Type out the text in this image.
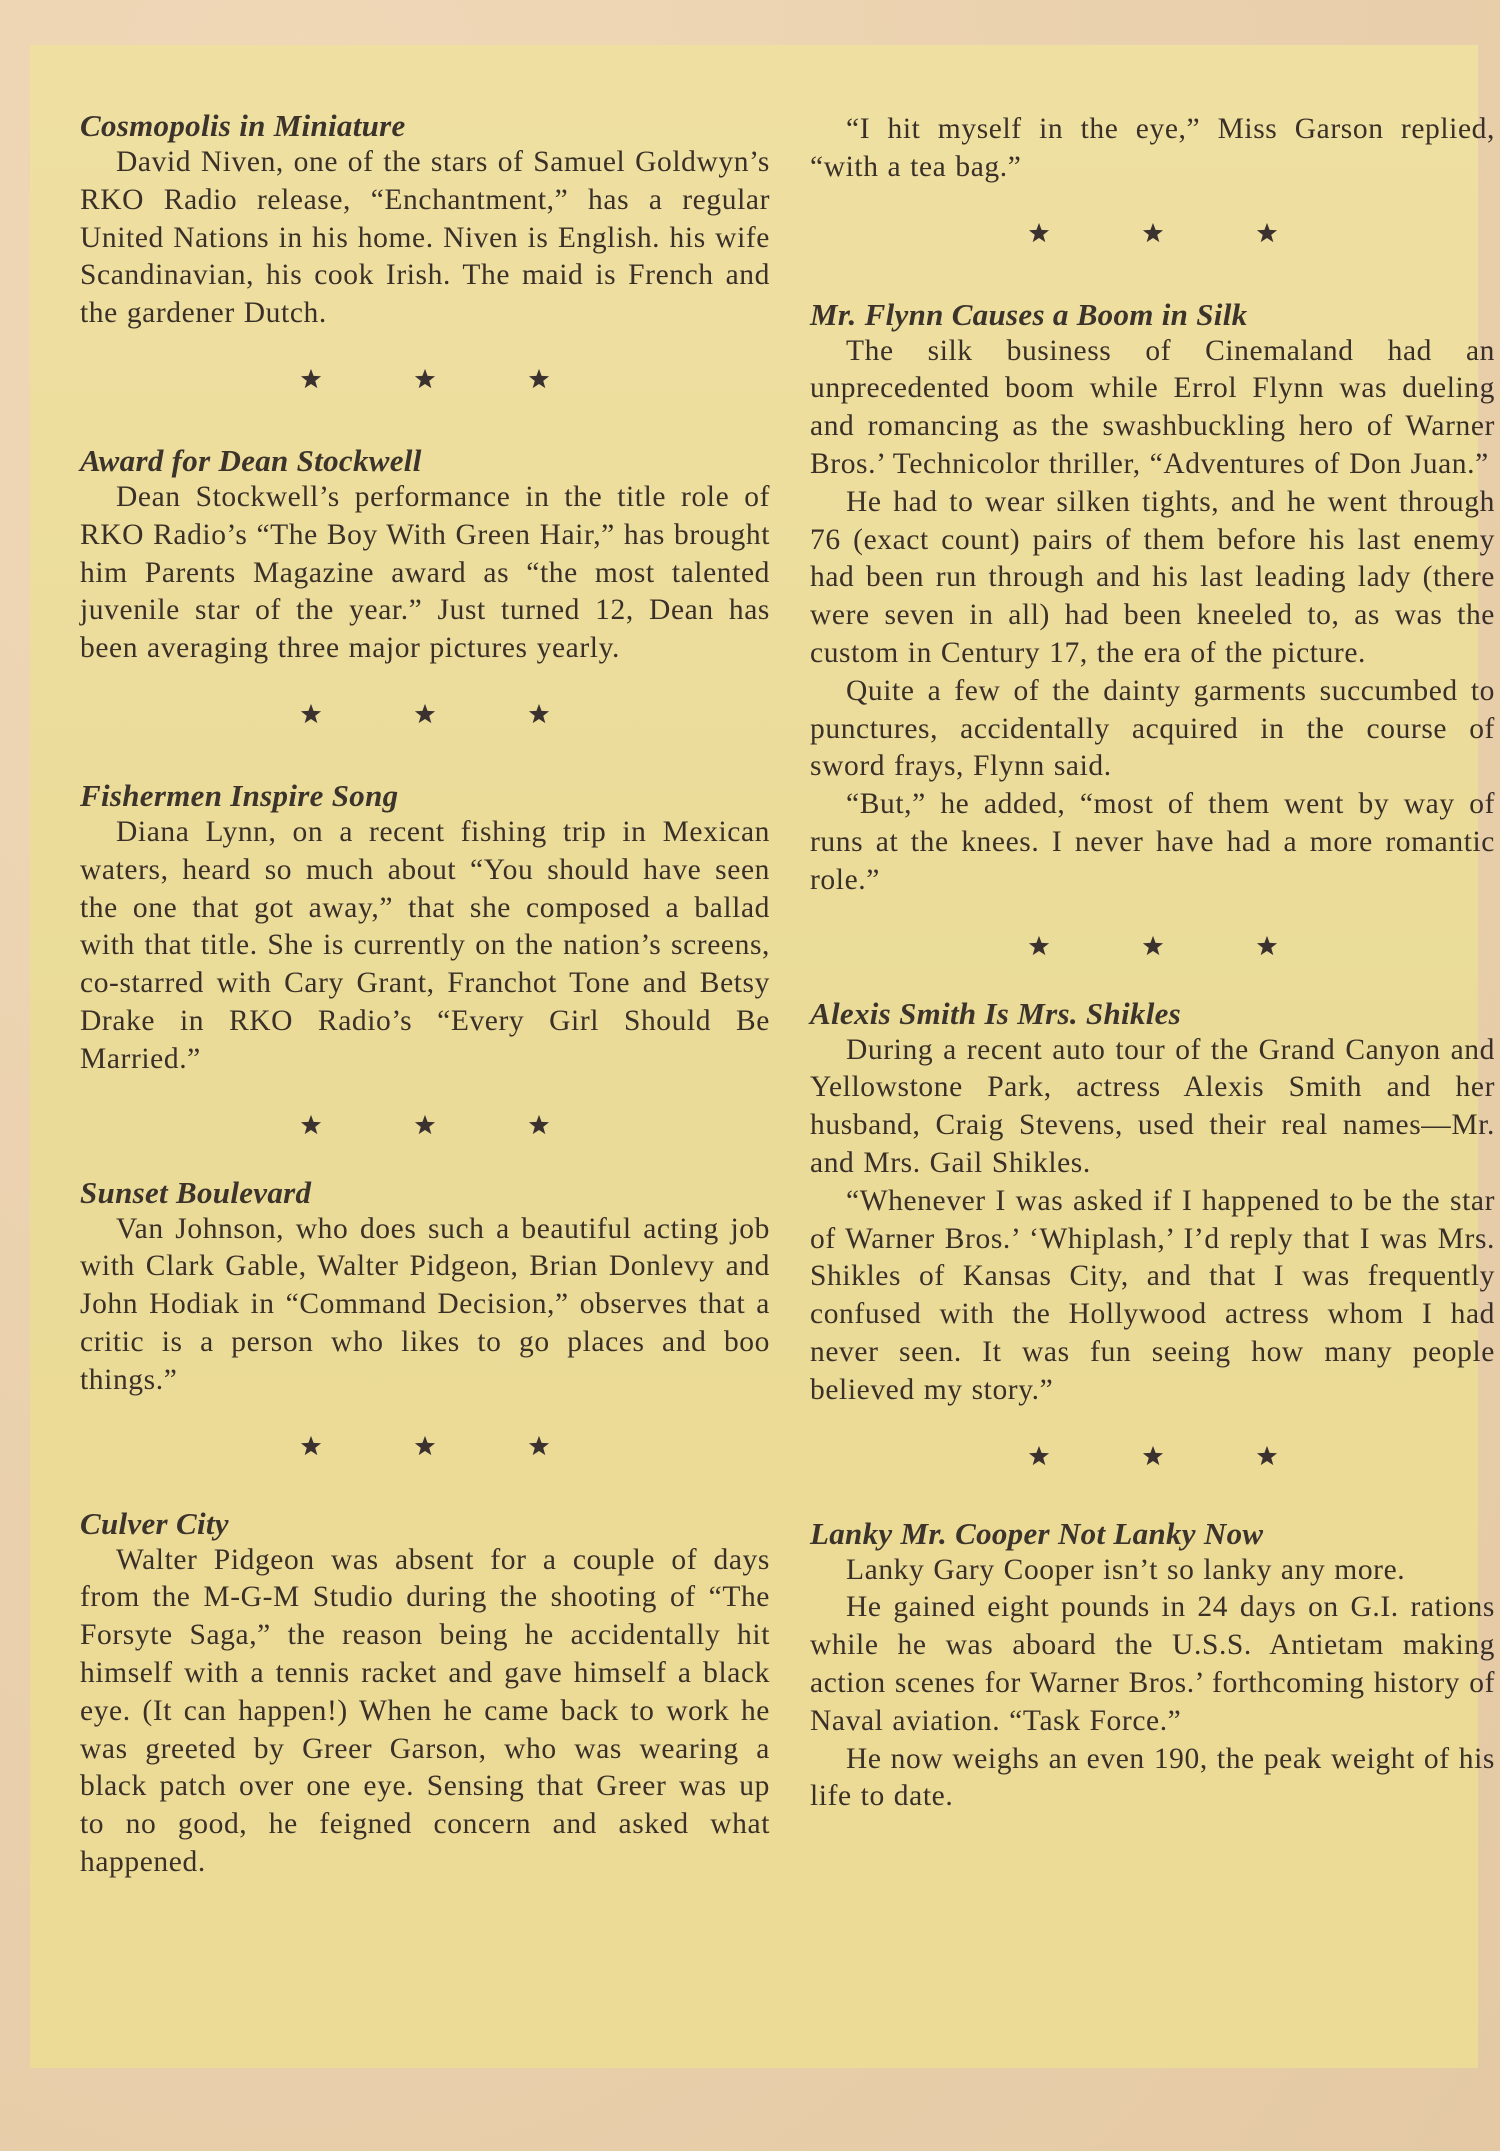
Cosmopolis in Miniature

David Niven, one of the stars of Samuel Goldwyn’s RKO Radio release, “Enchantment,” has a regular United Nations in his home. Niven is English. his wife Scandinavian, his cook Irish. The maid is French and the gardener Dutch.

Award for Dean Stockwell

Dean Stockwell’s performance in the title role of RKO Radio’s “The Boy With Green Hair,” has brought him Parents Magazine award as “the most talented juvenile star of the year.” Just turned 12, Dean has been averaging three major pictures yearly.

Fishermen Inspire Song

Diana Lynn, on a recent fishing trip in Mexican waters, heard so much about “You should have seen the one that got away,” that she composed a ballad with that title. She is currently on the nation’s screens, co-starred with Cary Grant, Franchot Tone and Betsy Drake in RKO Radio’s “Every Girl Should Be Married.”

Sunset Boulevard

Van Johnson, who does such a beautiful acting job with Clark Gable, Walter Pidgeon, Brian Donlevy and John Hodiak in “Command Decision,” observes that a critic is a person who likes to go places and boo things.”

Culver City

Walter Pidgeon was absent for a couple of days from the M-G-M Studio during the shooting of “The Forsyte Saga,” the reason being he accidentally hit himself with a tennis racket and gave himself a black eye. (It can happen!) When he came back to work he was greeted by Greer Garson, who was wearing a black patch over one eye. Sensing that Greer was up to no good, he feigned concern and asked what happened.

“I hit myself in the eye,” Miss Garson replied, “with a tea bag.”

Mr. Flynn Causes a Boom in Silk

The silk business of Cinemaland had an unprecedented boom while Errol Flynn was dueling and romancing as the swashbuckling hero of Warner Bros.’ Technicolor thriller, “Adventures of Don Juan.”

He had to wear silken tights, and he went through 76 (exact count) pairs of them before his last enemy had been run through and his last leading lady (there were seven in all) had been kneeled to, as was the custom in Century 17, the era of the picture.

Quite a few of the dainty garments succumbed to punctures, accidentally acquired in the course of sword frays, Flynn said.

“But,” he added, “most of them went by way of runs at the knees. I never have had a more romantic role.”

Alexis Smith Is Mrs. Shikles

During a recent auto tour of the Grand Canyon and Yellowstone Park, actress Alexis Smith and her husband, Craig Stevens, used their real names—Mr. and Mrs. Gail Shikles.

“Whenever I was asked if I happened to be the star of Warner Bros.’ ‘Whiplash,’ I’d reply that I was Mrs. Shikles of Kansas City, and that I was frequently confused with the Hollywood actress whom I had never seen. It was fun seeing how many people believed my story.”

Lanky Mr. Cooper Not Lanky Now

Lanky Gary Cooper isn’t so lanky any more.

He gained eight pounds in 24 days on G.I. rations while he was aboard the U.S.S. Antietam making action scenes for Warner Bros.’ forthcoming history of Naval aviation. “Task Force.”

He now weighs an even 190, the peak weight of his life to date.
